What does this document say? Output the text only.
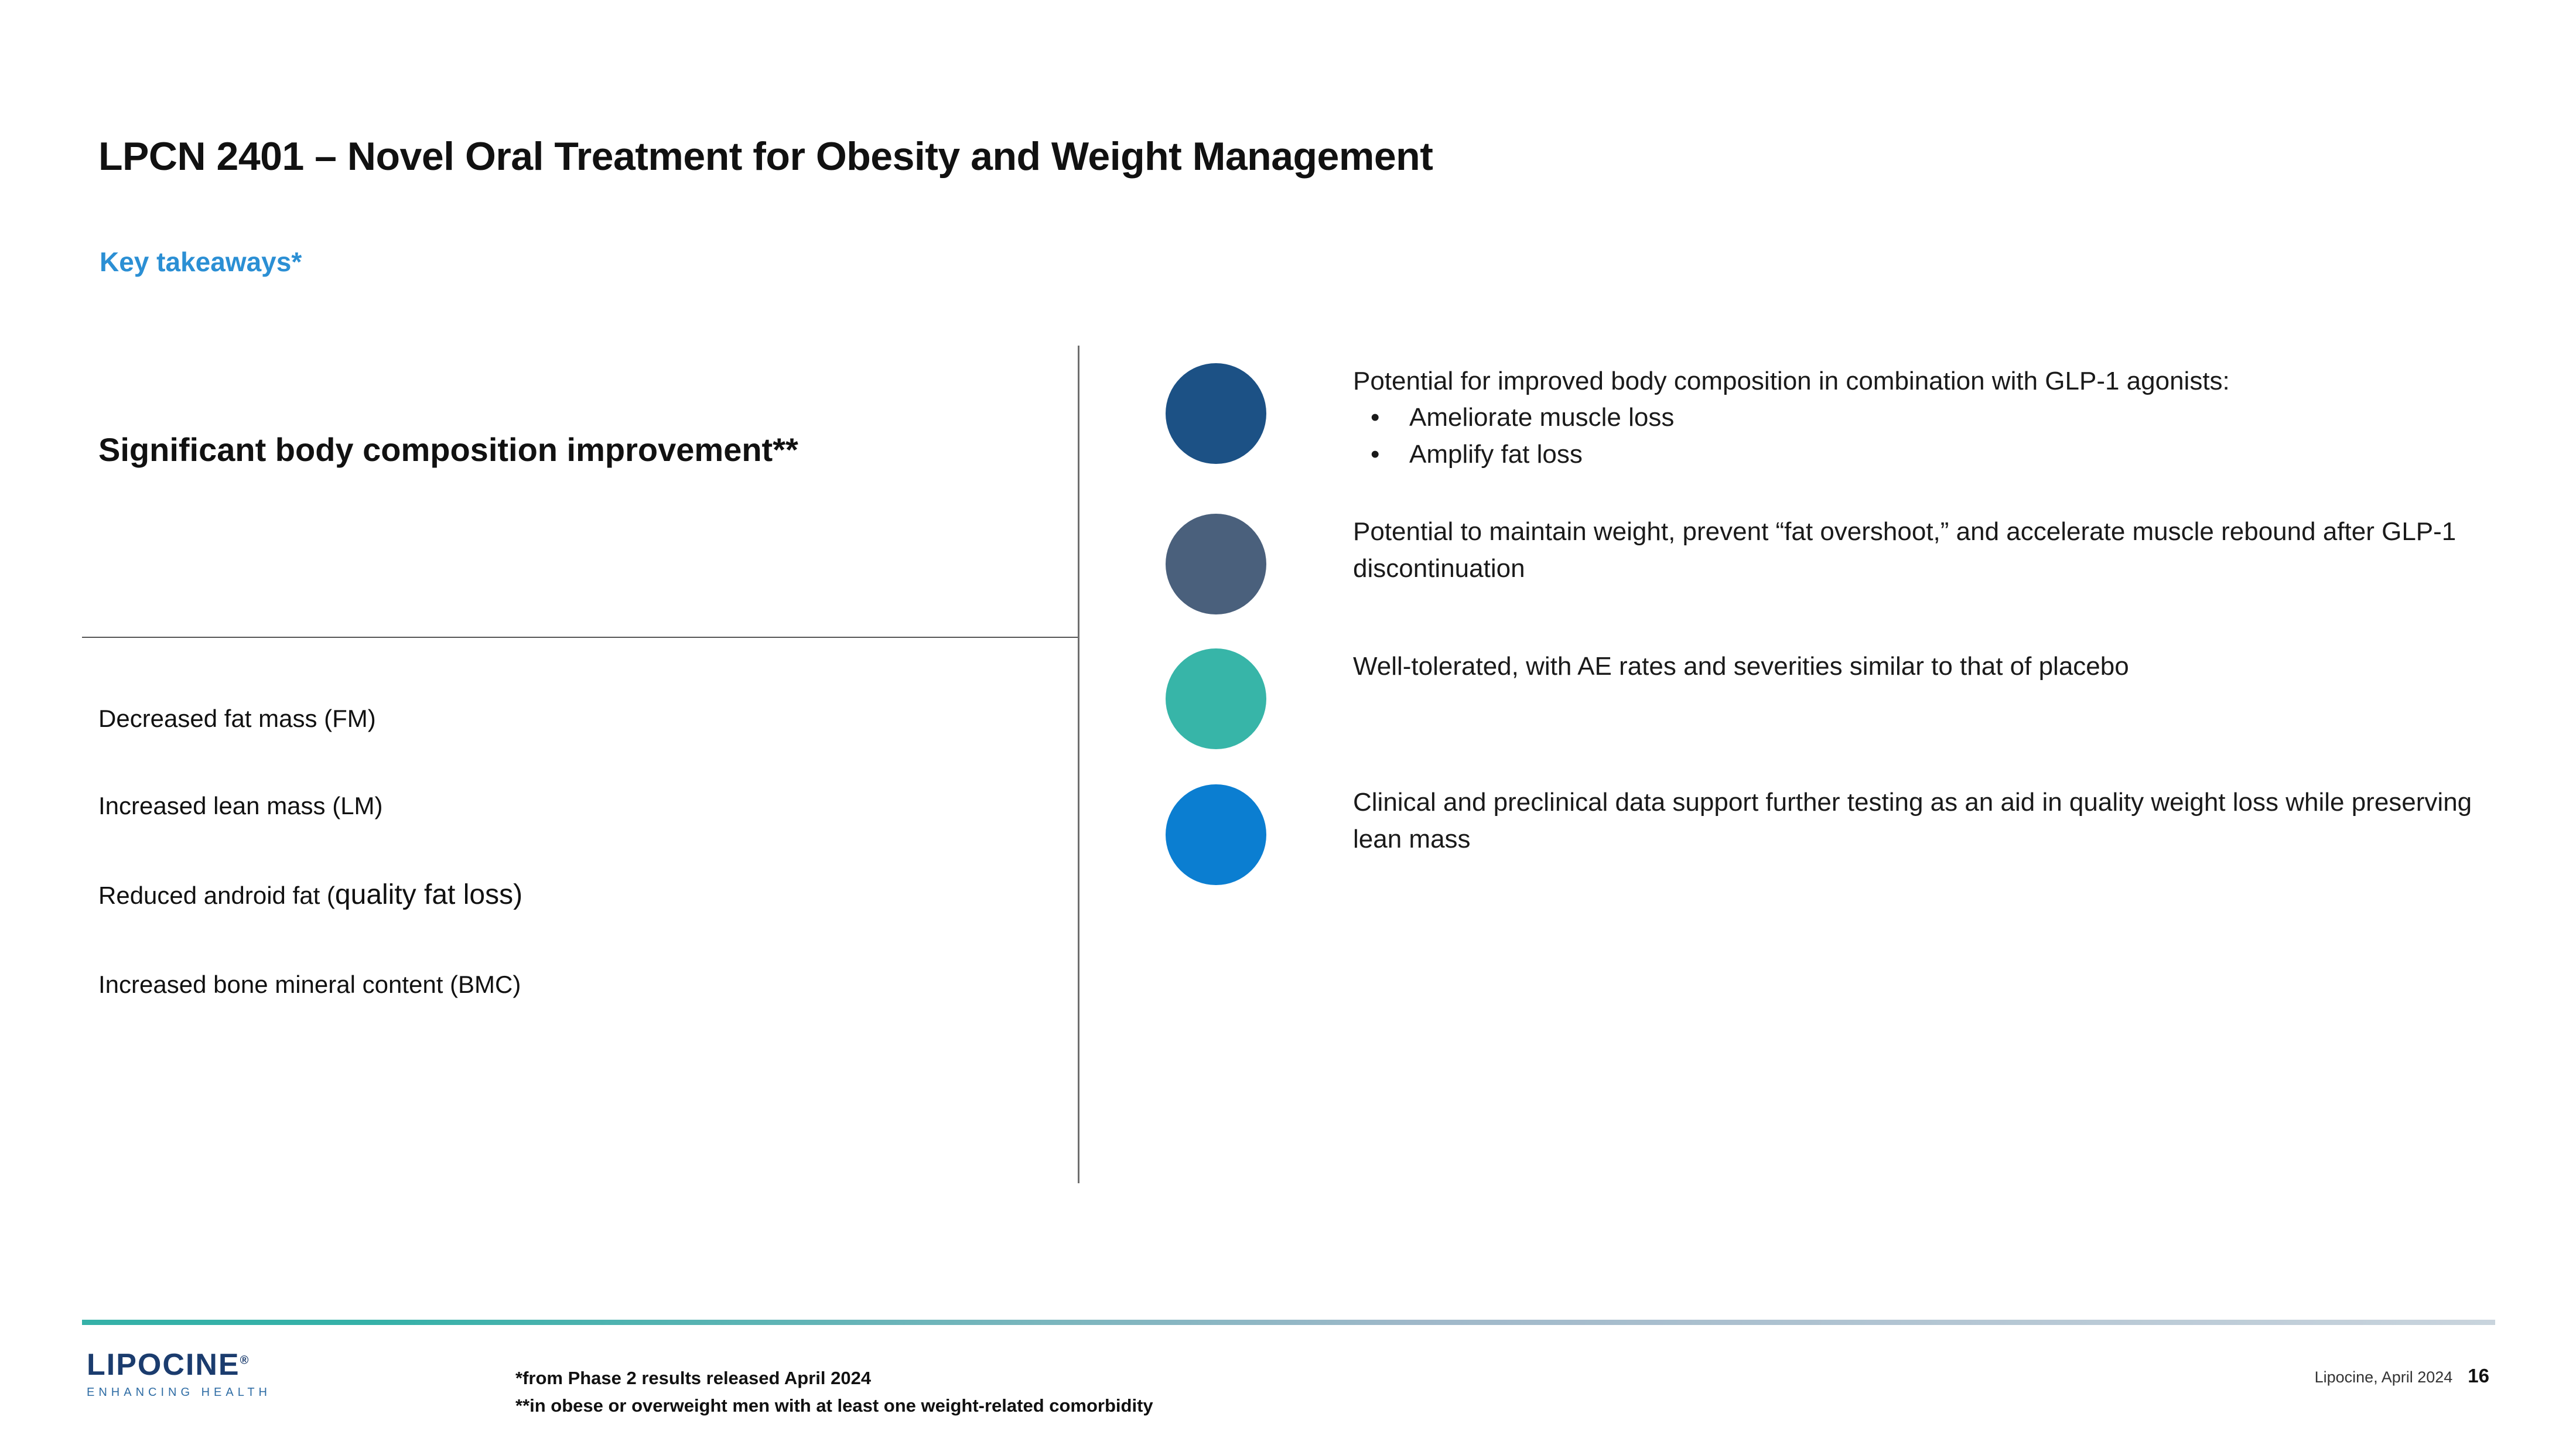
LPCN 2401 – Novel Oral Treatment for Obesity and Weight Management
Key takeaways*
Significant body composition improvement**
Decreased fat mass (FM)
Increased lean mass (LM)
Reduced android fat (quality fat loss)
Increased bone mineral content (BMC)
Potential for improved body composition in combination with GLP-1 agonists:
• Ameliorate muscle loss
• Amplify fat loss
Potential to maintain weight, prevent “fat overshoot,” and accelerate muscle rebound after GLP-1 discontinuation
Well-tolerated, with AE rates and severities similar to that of placebo
Clinical and preclinical data support further testing as an aid in quality weight loss while preserving lean mass
LIPOCINE®
ENHANCING HEALTH
*from Phase 2 results released April 2024
**in obese or overweight men with at least one weight-related comorbidity
Lipocine, April 2024 16
